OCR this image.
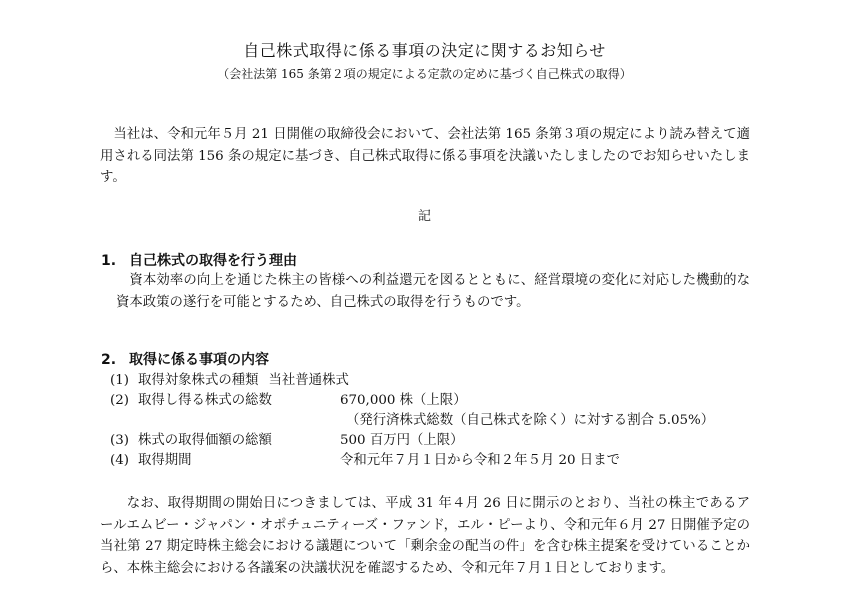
自己株式取得に係る事項の決定に関するお知らせ
（会社法第 165 条第２項の規定による定款の定めに基づく自己株式の取得）

当社は、令和元年５月 21 日開催の取締役会において、会社法第 165 条第３項の規定により読み替えて適用される同法第 156 条の規定に基づき、自己株式取得に係る事項を決議いたしましたのでお知らせいたします。

記
1. 自己株式の取得を行う理由

資本効率の向上を通じた株主の皆様への利益還元を図るとともに、経営環境の変化に対応した機動的な資本政策の遂行を可能とするため、自己株式の取得を行うものです。

2. 取得に係る事項の内容
(1) 取得対象株式の種類 当社普通株式
(2) 取得し得る株式の総数	670,000 株（上限）
（発行済株式総数（自己株式を除く）に対する割合 5.05%）
(3) 株式の取得価額の総額	500 百万円（上限）
(4) 取得期間	令和元年７月１日から令和２年５月 20 日まで

なお、取得期間の開始日につきましては、平成 31 年４月 26 日に開示のとおり、当社の株主であるアールエムビー・ジャパン・オポチュニティーズ・ファンド，エル・ピーより、令和元年６月 27 日開催予定の当社第 27 期定時株主総会における議題について「剰余金の配当の件」を含む株主提案を受けていることから、本株主総会における各議案の決議状況を確認するため、令和元年７月１日としております。
